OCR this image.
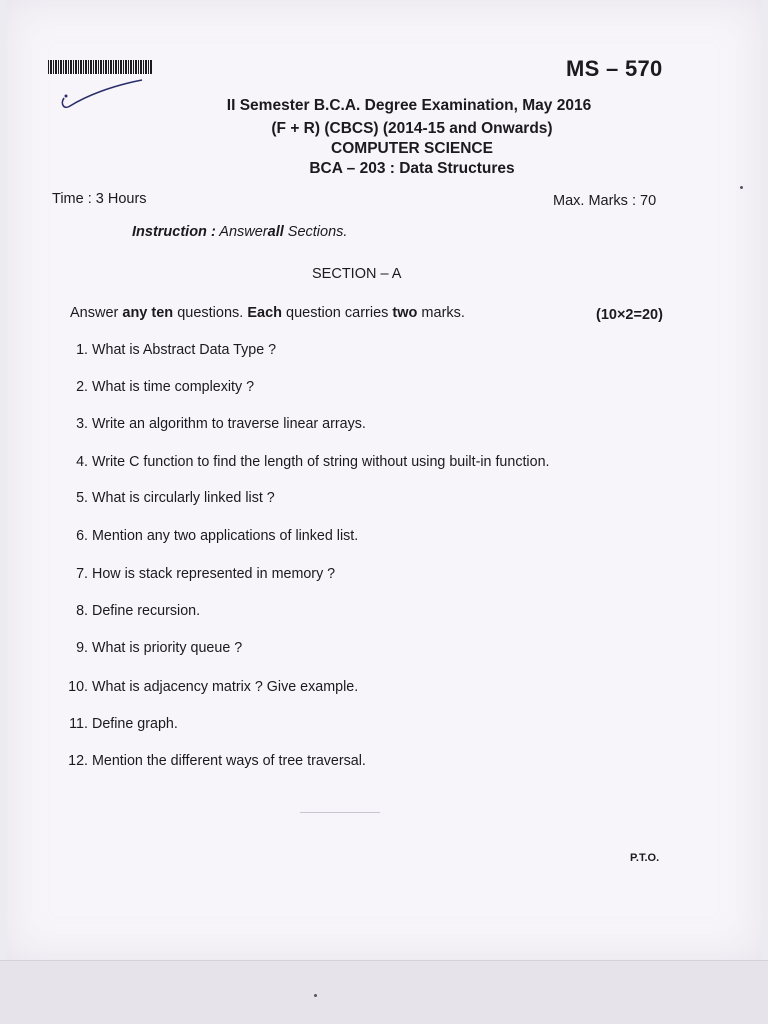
MS – 570
II Semester B.C.A. Degree Examination, May 2016
(F + R) (CBCS) (2014-15 and Onwards)
COMPUTER SCIENCE
BCA – 203 : Data Structures
Time : 3 Hours	Max. Marks : 70
Instruction : Answerall Sections.
SECTION – A
Answer any ten questions. Each question carries two marks.	(10×2=20)
1. What is Abstract Data Type ?
2. What is time complexity ?
3. Write an algorithm to traverse linear arrays.
4. Write C function to find the length of string without using built-in function.
5. What is circularly linked list ?
6. Mention any two applications of linked list.
7. How is stack represented in memory ?
8. Define recursion.
9. What is priority queue ?
10. What is adjacency matrix ? Give example.
11. Define graph.
12. Mention the different ways of tree traversal.
P.T.O.
